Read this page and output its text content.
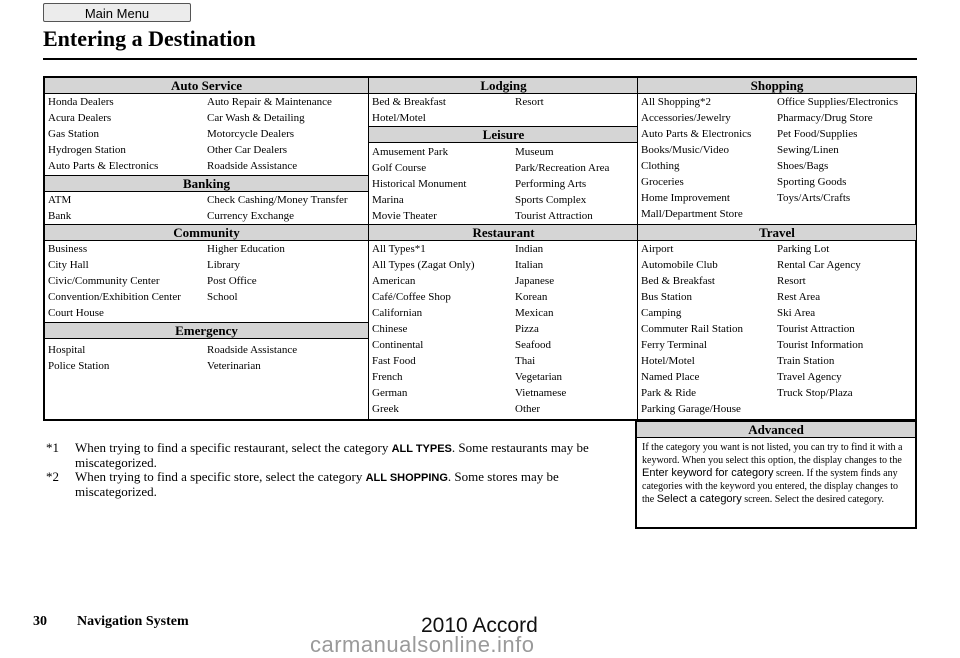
Main Menu
Entering a Destination
Auto Service
Honda Dealers	Auto Repair & Maintenance
Acura Dealers	Car Wash & Detailing
Gas Station	Motorcycle Dealers
Hydrogen Station	Other Car Dealers
Auto Parts & Electronics	Roadside Assistance
Banking
ATM	Check Cashing/Money Transfer
Bank	Currency Exchange
Community
Business	Higher Education
City Hall	Library
Civic/Community Center	Post Office
Convention/Exhibition Center	School
Court House
Emergency
Hospital	Roadside Assistance
Police Station	Veterinarian
Lodging
Bed & Breakfast	Resort
Hotel/Motel
Leisure
Amusement Park	Museum
Golf Course	Park/Recreation Area
Historical Monument	Performing Arts
Marina	Sports Complex
Movie Theater	Tourist Attraction
Restaurant
All Types*1	Indian
All Types (Zagat Only)	Italian
American	Japanese
Café/Coffee Shop	Korean
Californian	Mexican
Chinese	Pizza
Continental	Seafood
Fast Food	Thai
French	Vegetarian
German	Vietnamese
Greek	Other
Shopping
All Shopping*2	Office Supplies/Electronics
Accessories/Jewelry	Pharmacy/Drug Store
Auto Parts & Electronics	Pet Food/Supplies
Books/Music/Video	Sewing/Linen
Clothing	Shoes/Bags
Groceries	Sporting Goods
Home Improvement	Toys/Arts/Crafts
Mall/Department Store
Travel
Airport	Parking Lot
Automobile Club	Rental Car Agency
Bed & Breakfast	Resort
Bus Station	Rest Area
Camping	Ski Area
Commuter Rail Station	Tourist Attraction
Ferry Terminal	Tourist Information
Hotel/Motel	Train Station
Named Place	Travel Agency
Park & Ride	Truck Stop/Plaza
Parking Garage/House
Advanced
If the category you want is not listed, you can try to find it with a keyword. When you select this option, the display changes to the Enter keyword for category screen. If the system finds any categories with the keyword you entered, the display changes to the Select a category screen. Select the desired category.
*1 When trying to find a specific restaurant, select the category ALL TYPES. Some restaurants may be miscategorized.
*2 When trying to find a specific store, select the category ALL SHOPPING. Some stores may be miscategorized.
30 Navigation System	2010 Accord
carmanualsonline.info
